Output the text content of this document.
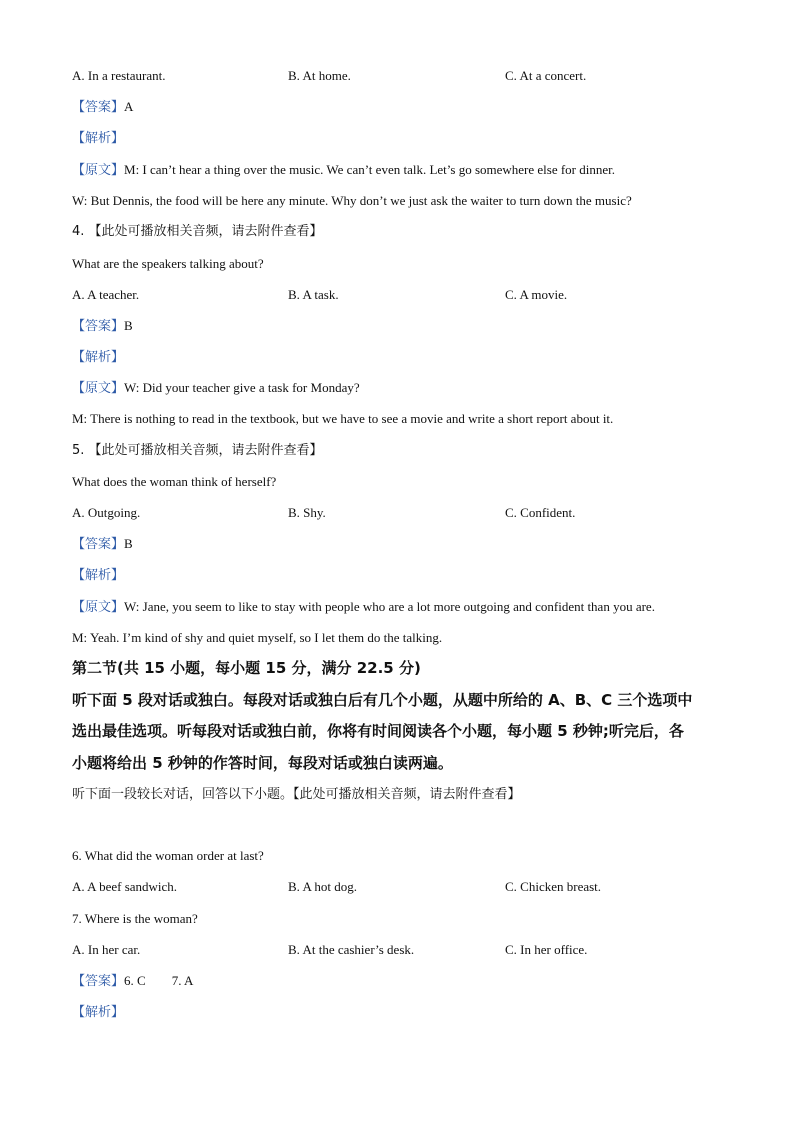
A. In a restaurant.	B. At home.	C. At a concert.
【答案】A
【解析】
【原文】M: I can’t hear a thing over the music. We can’t even talk. Let’s go somewhere else for dinner.
W: But Dennis, the food will be here any minute. Why don’t we just ask the waiter to turn down the music?
4. 【此处可播放相关音频，请去附件查看】
What are the speakers talking about?
A. A teacher.	B. A task.	C. A movie.
【答案】B
【解析】
【原文】W: Did your teacher give a task for Monday?
M: There is nothing to read in the textbook, but we have to see a movie and write a short report about it.
5. 【此处可播放相关音频，请去附件查看】
What does the woman think of herself?
A. Outgoing.	B. Shy.	C. Confident.
【答案】B
【解析】
【原文】W: Jane, you seem to like to stay with people who are a lot more outgoing and confident than you are.
M: Yeah. I’m kind of shy and quiet myself, so I let them do the talking.
第二节(共 15 小题，每小题 15 分，满分 22.5 分)
听下面 5 段对话或独白。每段对话或独白后有几个小题，从题中所给的 A、B、C 三个选项中
选出最佳选项。听每段对话或独白前，你将有时间阅读各个小题，每小题 5 秒钟;听完后，各
小题将给出 5 秒钟的作答时间，每段对话或独白读两遍。
听下面一段较长对话，回答以下小题。【此处可播放相关音频，请去附件查看】
6. What did the woman order at last?
A. A beef sandwich.	B. A hot dog.	C. Chicken breast.
7. Where is the woman?
A. In her car.	B. At the cashier’s desk.	C. In her office.
【答案】6. C 7. A
【解析】
